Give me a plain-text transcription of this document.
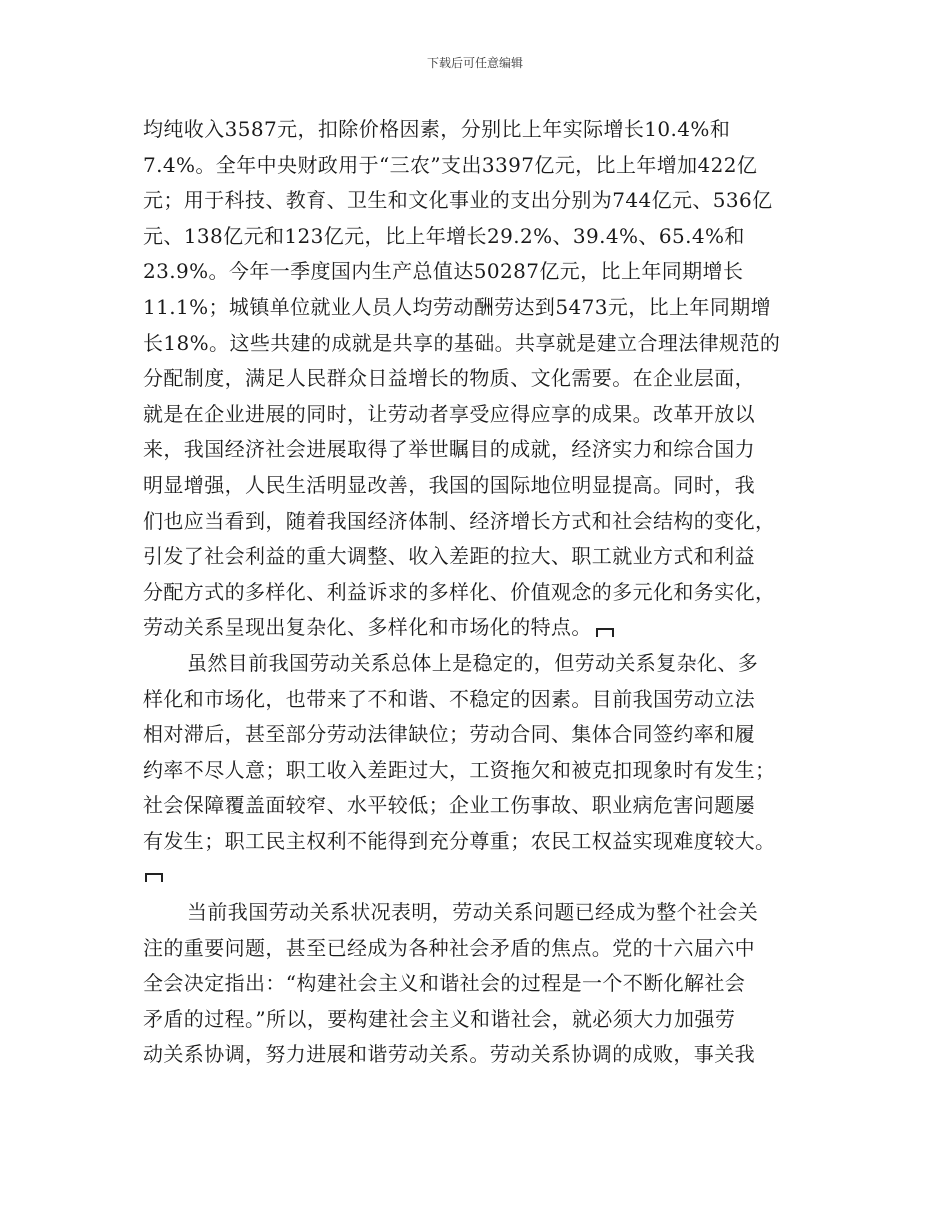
下载后可任意编辑
均纯收入3587元，扣除价格因素，分别比上年实际增长10.4%和
7.4%。全年中央财政用于“三农”支出3397亿元，比上年增加422亿
元；用于科技、教育、卫生和文化事业的支出分别为744亿元、536亿
元、138亿元和123亿元，比上年增长29.2%、39.4%、65.4%和
23.9%。今年一季度国内生产总值达50287亿元，比上年同期增长
11.1%；城镇单位就业人员人均劳动酬劳达到5473元，比上年同期增
长18%。这些共建的成就是共享的基础。共享就是建立合理法律规范的
分配制度，满足人民群众日益增长的物质、文化需要。在企业层面，
就是在企业进展的同时，让劳动者享受应得应享的成果。改革开放以
来，我国经济社会进展取得了举世瞩目的成就，经济实力和综合国力
明显增强，人民生活明显改善，我国的国际地位明显提高。同时，我
们也应当看到，随着我国经济体制、经济增长方式和社会结构的变化，
引发了社会利益的重大调整、收入差距的拉大、职工就业方式和利益
分配方式的多样化、利益诉求的多样化、价值观念的多元化和务实化，
劳动关系呈现出复杂化、多样化和市场化的特点。
虽然目前我国劳动关系总体上是稳定的，但劳动关系复杂化、多
样化和市场化，也带来了不和谐、不稳定的因素。目前我国劳动立法
相对滞后，甚至部分劳动法律缺位；劳动合同、集体合同签约率和履
约率不尽人意；职工收入差距过大，工资拖欠和被克扣现象时有发生；
社会保障覆盖面较窄、水平较低；企业工伤事故、职业病危害问题屡
有发生；职工民主权利不能得到充分尊重；农民工权益实现难度较大。
当前我国劳动关系状况表明，劳动关系问题已经成为整个社会关
注的重要问题，甚至已经成为各种社会矛盾的焦点。党的十六届六中
全会决定指出：“构建社会主义和谐社会的过程是一个不断化解社会
矛盾的过程。”所以，要构建社会主义和谐社会，就必须大力加强劳
动关系协调，努力进展和谐劳动关系。劳动关系协调的成败，事关我
